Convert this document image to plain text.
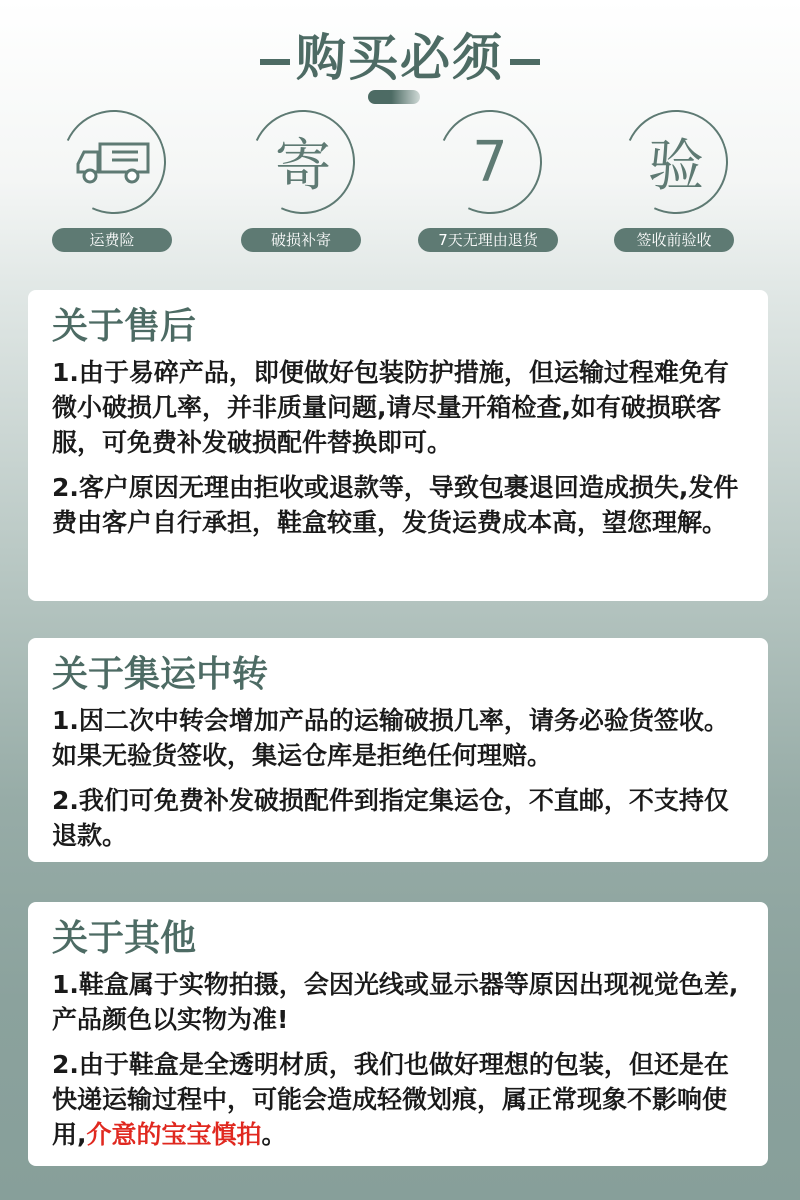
购买必须
运费险
寄
破损补寄
7
7天无理由退货
验
签收前验收
关于售后

1.由于易碎产品，即便做好包装防护措施，但运输过程难免有微小破损几率，并非质量问题,请尽量开箱检查,如有破损联客服，可免费补发破损配件替换即可。

2.客户原因无理由拒收或退款等，导致包裹退回造成损失,发件费由客户自行承担，鞋盒较重，发货运费成本高，望您理解。

关于集运中转

1.因二次中转会增加产品的运输破损几率，请务必验货签收。如果无验货签收，集运仓库是拒绝任何理赔。

2.我们可免费补发破损配件到指定集运仓，不直邮，不支持仅退款。

关于其他

1.鞋盒属于实物拍摄，会因光线或显示器等原因出现视觉色差,产品颜色以实物为准!

2.由于鞋盒是全透明材质，我们也做好理想的包装，但还是在快递运输过程中，可能会造成轻微划痕，属正常现象不影响使用,介意的宝宝慎拍。
